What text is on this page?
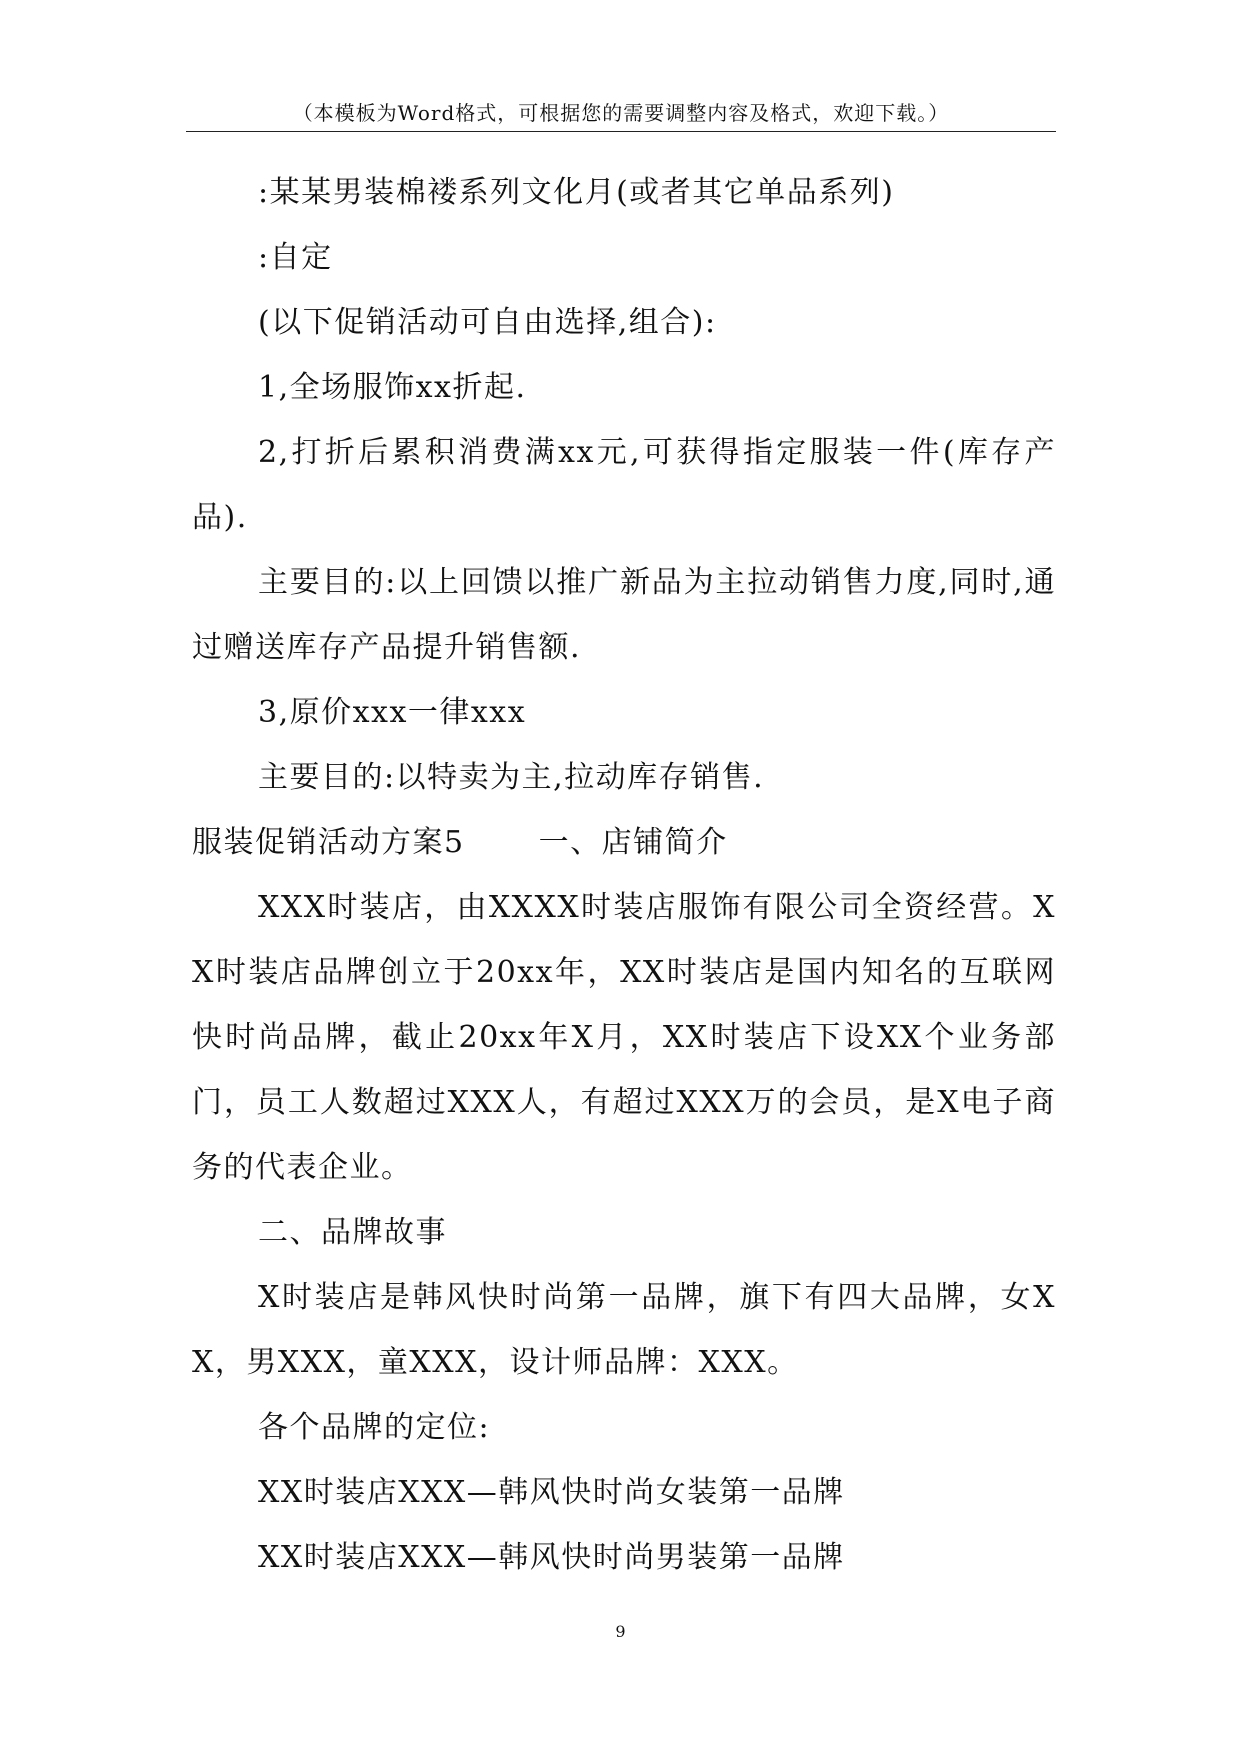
（本模板为Word格式，可根据您的需要调整内容及格式，欢迎下载。）

:某某男装棉褛系列文化月(或者其它单品系列)

:自定

(以下促销活动可自由选择,组合):

1,全场服饰xx折起.

2,打折后累积消费满xx元,可获得指定服装一件(库存产品).

主要目的:以上回馈以推广新品为主拉动销售力度,同时,通过赠送库存产品提升销售额.

3,原价xxx一律xxx

主要目的:以特卖为主,拉动库存销售.

服装促销活动方案5 一、店铺简介

XXX时装店，由XXXX时装店服饰有限公司全资经营。XX时装店品牌创立于20xx年，XX时装店是国内知名的互联网快时尚品牌，截止20xx年X月，XX时装店下设XX个业务部门，员工人数超过XXX人，有超过XXX万的会员，是X电子商务的代表企业。

二、品牌故事

X时装店是韩风快时尚第一品牌，旗下有四大品牌，女XX，男XXX，童XXX，设计师品牌：XXX。

各个品牌的定位:

XX时装店XXX—韩风快时尚女装第一品牌

XX时装店XXX—韩风快时尚男装第一品牌

9
